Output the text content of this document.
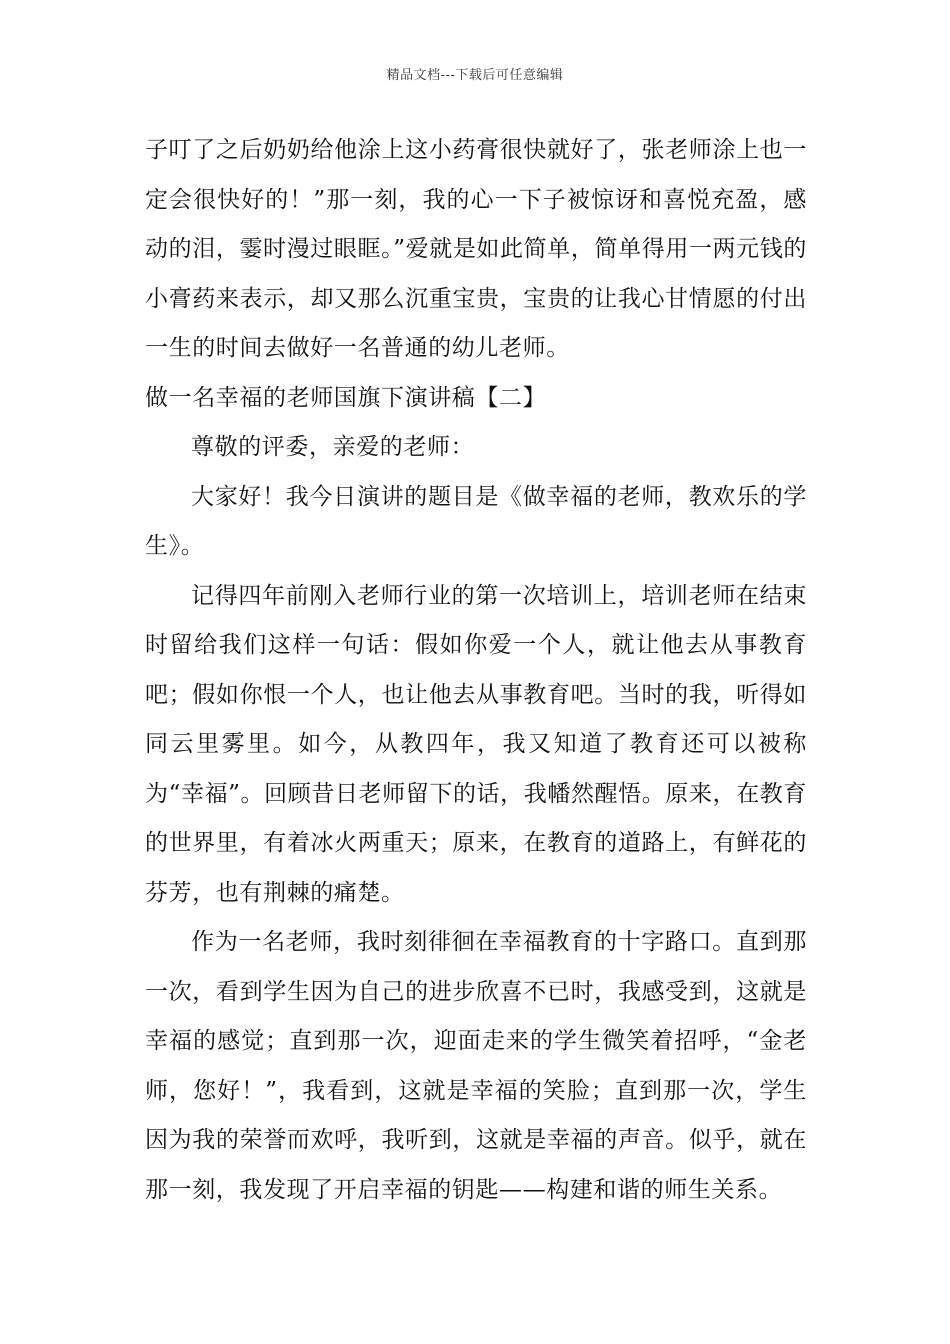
精品文档---下载后可任意编辑

子叮了之后奶奶给他涂上这小药膏很快就好了，张老师涂上也一定会很快好的！”那一刻，我的心一下子被惊讶和喜悦充盈，感动的泪，霎时漫过眼眶。”爱就是如此简单，简单得用一两元钱的小膏药来表示，却又那么沉重宝贵，宝贵的让我心甘情愿的付出一生的时间去做好一名普通的幼儿老师。

做一名幸福的老师国旗下演讲稿【二】

尊敬的评委，亲爱的老师：

大家好！我今日演讲的题目是《做幸福的老师，教欢乐的学生》。

记得四年前刚入老师行业的第一次培训上，培训老师在结束时留给我们这样一句话：假如你爱一个人，就让他去从事教育吧；假如你恨一个人，也让他去从事教育吧。当时的我，听得如同云里雾里。如今，从教四年，我又知道了教育还可以被称为“幸福”。回顾昔日老师留下的话，我幡然醒悟。原来，在教育的世界里，有着冰火两重天；原来，在教育的道路上，有鲜花的芬芳，也有荆棘的痛楚。

作为一名老师，我时刻徘徊在幸福教育的十字路口。直到那一次，看到学生因为自己的进步欣喜不已时，我感受到，这就是幸福的感觉；直到那一次，迎面走来的学生微笑着招呼，“金老师，您好！”，我看到，这就是幸福的笑脸；直到那一次，学生因为我的荣誉而欢呼，我听到，这就是幸福的声音。似乎，就在那一刻，我发现了开启幸福的钥匙——构建和谐的师生关系。
